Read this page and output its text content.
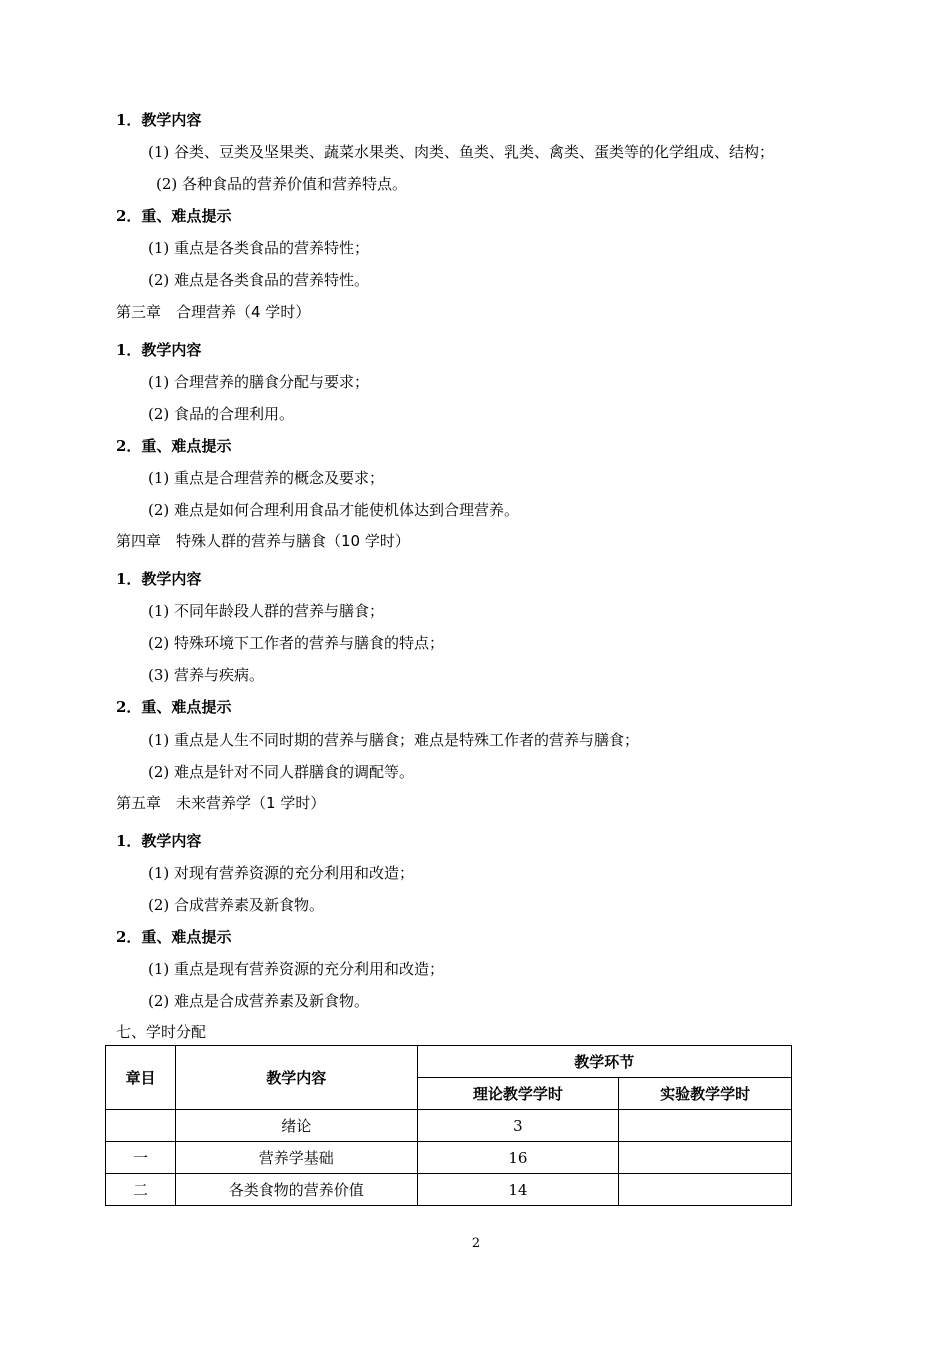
1．教学内容
(1) 谷类、豆类及坚果类、蔬菜水果类、肉类、鱼类、乳类、禽类、蛋类等的化学组成、结构；
(2) 各种食品的营养价值和营养特点。
2．重、难点提示
(1) 重点是各类食品的营养特性；
(2) 难点是各类食品的营养特性。
第三章　合理营养（4 学时）
1．教学内容
(1) 合理营养的膳食分配与要求；
(2) 食品的合理利用。
2．重、难点提示
(1) 重点是合理营养的概念及要求；
(2) 难点是如何合理利用食品才能使机体达到合理营养。
第四章　特殊人群的营养与膳食（10 学时）
1．教学内容
(1) 不同年龄段人群的营养与膳食；
(2) 特殊环境下工作者的营养与膳食的特点；
(3) 营养与疾病。
2．重、难点提示
(1) 重点是人生不同时期的营养与膳食；难点是特殊工作者的营养与膳食；
(2) 难点是针对不同人群膳食的调配等。
第五章　未来营养学（1 学时）
1．教学内容
(1) 对现有营养资源的充分利用和改造；
(2) 合成营养素及新食物。
2．重、难点提示
(1) 重点是现有营养资源的充分利用和改造；
(2) 难点是合成营养素及新食物。
七、学时分配
章目	教学内容	教学环节	
		理论教学学时	实验教学学时
	绪论	3	
一	营养学基础	16	
二	各类食物的营养价值	14	
2
